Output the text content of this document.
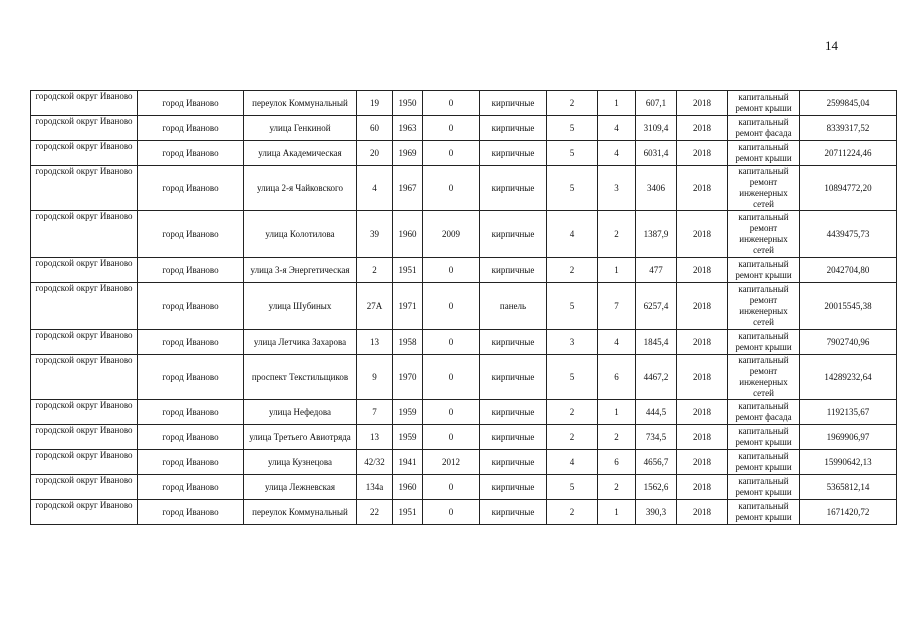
14
городской округ Иваново	город Иваново	переулок Коммунальный	19	1950	0	кирпичные	2	1	607,1	2018	капитальный ремонт крыши	2599845,04
городской округ Иваново	город Иваново	улица Генкиной	60	1963	0	кирпичные	5	4	3109,4	2018	капитальный ремонт фасада	8339317,52
городской округ Иваново	город Иваново	улица Академическая	20	1969	0	кирпичные	5	4	6031,4	2018	капитальный ремонт крыши	20711224,46
городской округ Иваново	город Иваново	улица 2-я Чайковского	4	1967	0	кирпичные	5	3	3406	2018	капитальный ремонт инженерных сетей	10894772,20
городской округ Иваново	город Иваново	улица Колотилова	39	1960	2009	кирпичные	4	2	1387,9	2018	капитальный ремонт инженерных сетей	4439475,73
городской округ Иваново	город Иваново	улица 3-я Энергетическая	2	1951	0	кирпичные	2	1	477	2018	капитальный ремонт крыши	2042704,80
городской округ Иваново	город Иваново	улица Шубиных	27А	1971	0	панель	5	7	6257,4	2018	капитальный ремонт инженерных сетей	20015545,38
городской округ Иваново	город Иваново	улица Летчика Захарова	13	1958	0	кирпичные	3	4	1845,4	2018	капитальный ремонт крыши	7902740,96
городской округ Иваново	город Иваново	проспект Текстильщиков	9	1970	0	кирпичные	5	6	4467,2	2018	капитальный ремонт инженерных сетей	14289232,64
городской округ Иваново	город Иваново	улица Нефедова	7	1959	0	кирпичные	2	1	444,5	2018	капитальный ремонт фасада	1192135,67
городской округ Иваново	город Иваново	улица Третьего Авиотряда	13	1959	0	кирпичные	2	2	734,5	2018	капитальный ремонт крыши	1969906,97
городской округ Иваново	город Иваново	улица Кузнецова	42/32	1941	2012	кирпичные	4	6	4656,7	2018	капитальный ремонт крыши	15990642,13
городской округ Иваново	город Иваново	улица Лежневская	134а	1960	0	кирпичные	5	2	1562,6	2018	капитальный ремонт крыши	5365812,14
городской округ Иваново	город Иваново	переулок Коммунальный	22	1951	0	кирпичные	2	1	390,3	2018	капитальный ремонт крыши	1671420,72
